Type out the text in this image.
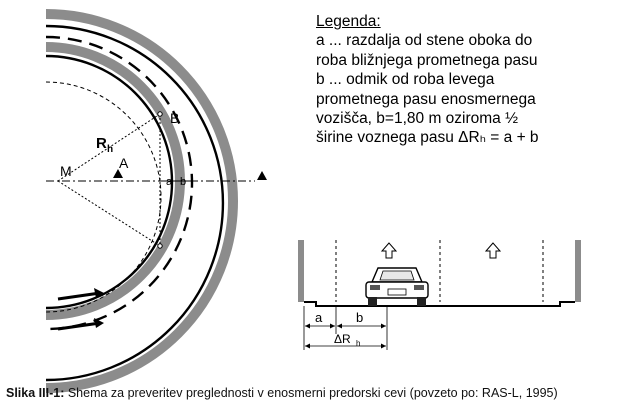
R h
M	A
B
a b
a	b
ΔR h
Legenda:
a ... razdalja od stene oboka do
roba bližnjega prometnega pasu
b ... odmik od roba levega
prometnega pasu enosmernega
vozišča, b=1,80 m oziroma ½
širine voznega pasu ΔRₕ = a + b
Slika III-1: Shema za preveritev preglednosti v enosmerni predorski cevi (povzeto po: RAS-L, 1995)
